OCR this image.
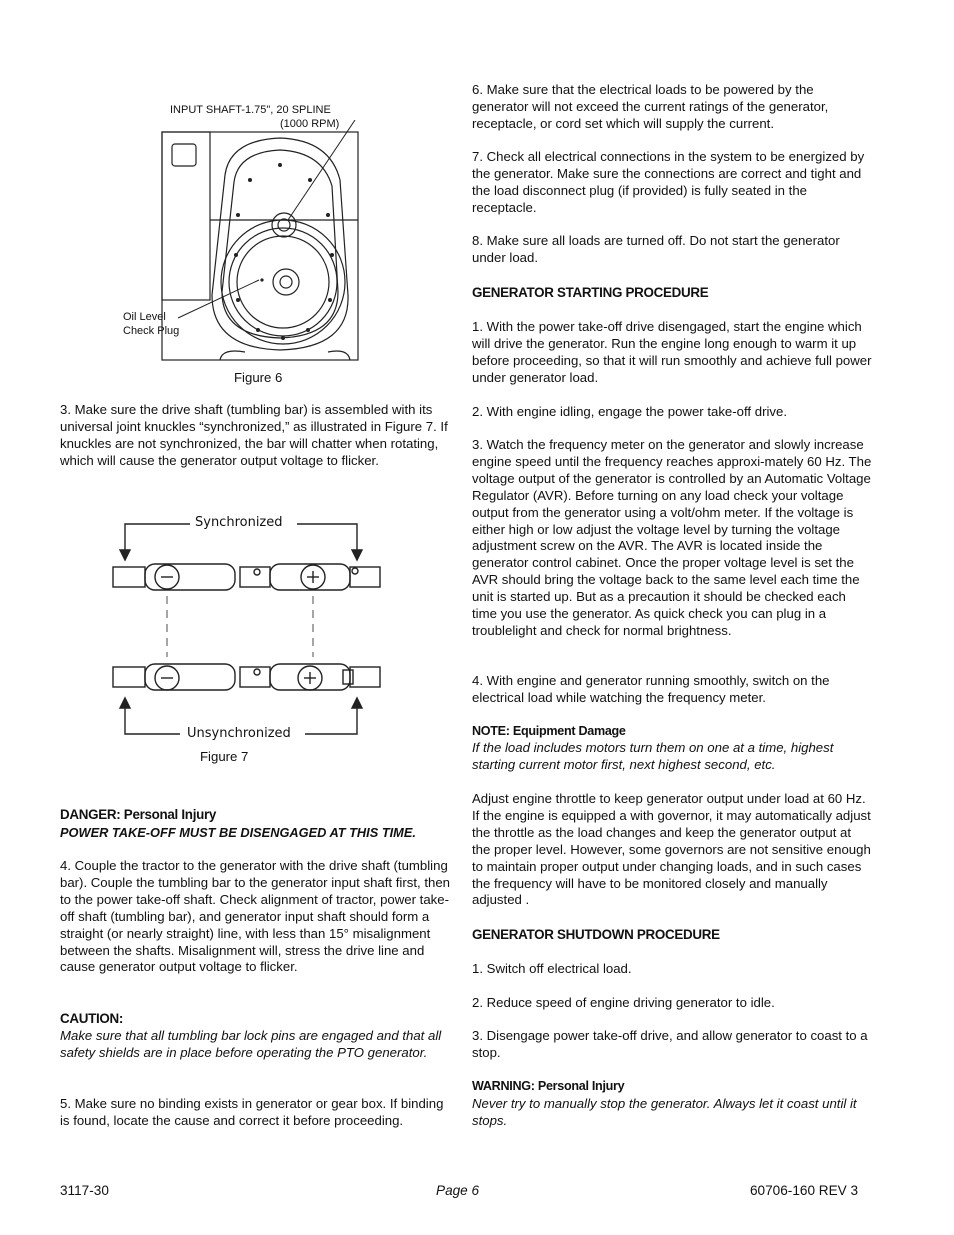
INPUT SHAFT-1.75", 20 SPLINE
(1000 RPM)
Oil Level
Check Plug
Figure 6

3. Make sure the drive shaft (tumbling bar) is assembled with its universal joint knuckles “synchronized,” as illustrated in Figure 7. If knuckles are not synchronized, the bar will chatter when rotating, which will cause the generator output voltage to flicker.

Synchronized
Unsynchronized
Figure 7
DANGER: Personal Injury
POWER TAKE-OFF MUST BE DISENGAGED AT THIS TIME.

4. Couple the tractor to the generator with the drive shaft (tumbling bar). Couple the tumbling bar to the generator input shaft first, then to the power take-off shaft. Check alignment of tractor, power take-off shaft (tumbling bar), and generator input shaft should form a straight (or nearly straight) line, with less than 15° misalignment between the shafts. Misalignment will, stress the drive line and cause generator output voltage to flicker.

CAUTION:

Make sure that all tumbling bar lock pins are engaged and that all safety shields are in place before operating the PTO generator.

5. Make sure no binding exists in generator or gear box. If binding is found, locate the cause and correct it before proceeding.

6. Make sure that the electrical loads to be powered by the generator will not exceed the current ratings of the generator, receptacle, or cord set which will supply the current.

7. Check all electrical connections in the system to be energized by the generator. Make sure the connections are correct and tight and the load disconnect plug (if provided) is fully seated in the receptacle.

8. Make sure all loads are turned off. Do not start the generator under load.

GENERATOR STARTING PROCEDURE

1. With the power take-off drive disengaged, start the engine which will drive the generator. Run the engine long enough to warm it up before proceeding, so that it will run smoothly and achieve full power under generator load.

2. With engine idling, engage the power take-off drive.

3. Watch the frequency meter on the generator and slowly increase engine speed until the frequency reaches approxi-mately 60 Hz. The voltage output of the generator is controlled by an Automatic Voltage Regulator (AVR). Before turning on any load check your voltage output from the generator using a volt/ohm meter. If the voltage is either high or low adjust the voltage level by turning the voltage adjustment screw on the AVR. The AVR is located inside the generator control cabinet. Once the proper voltage level is set the AVR should bring the voltage back to the same level each time the unit is started up. But as a precaution it should be checked each time you use the generator. As quick check you can plug in a troublelight and check for normal brightness.

4. With engine and generator running smoothly, switch on the electrical load while watching the frequency meter.

NOTE: Equipment Damage

If the load includes motors turn them on one at a time, highest starting current motor first, next highest second, etc.

Adjust engine throttle to keep generator output under load at 60 Hz. If the engine is equipped a with governor, it may automatically adjust the throttle as the load changes and keep the generator output at the proper level. However, some governors are not sensitive enough to maintain proper output under changing loads, and in such cases the frequency will have to be monitored closely and manually adjusted .

GENERATOR SHUTDOWN PROCEDURE

1. Switch off electrical load.

2. Reduce speed of engine driving generator to idle.

3. Disengage power take-off drive, and allow generator to coast to a stop.

WARNING: Personal Injury

Never try to manually stop the generator. Always let it coast until it stops.

3117-30	Page 6	60706-160 REV 3
